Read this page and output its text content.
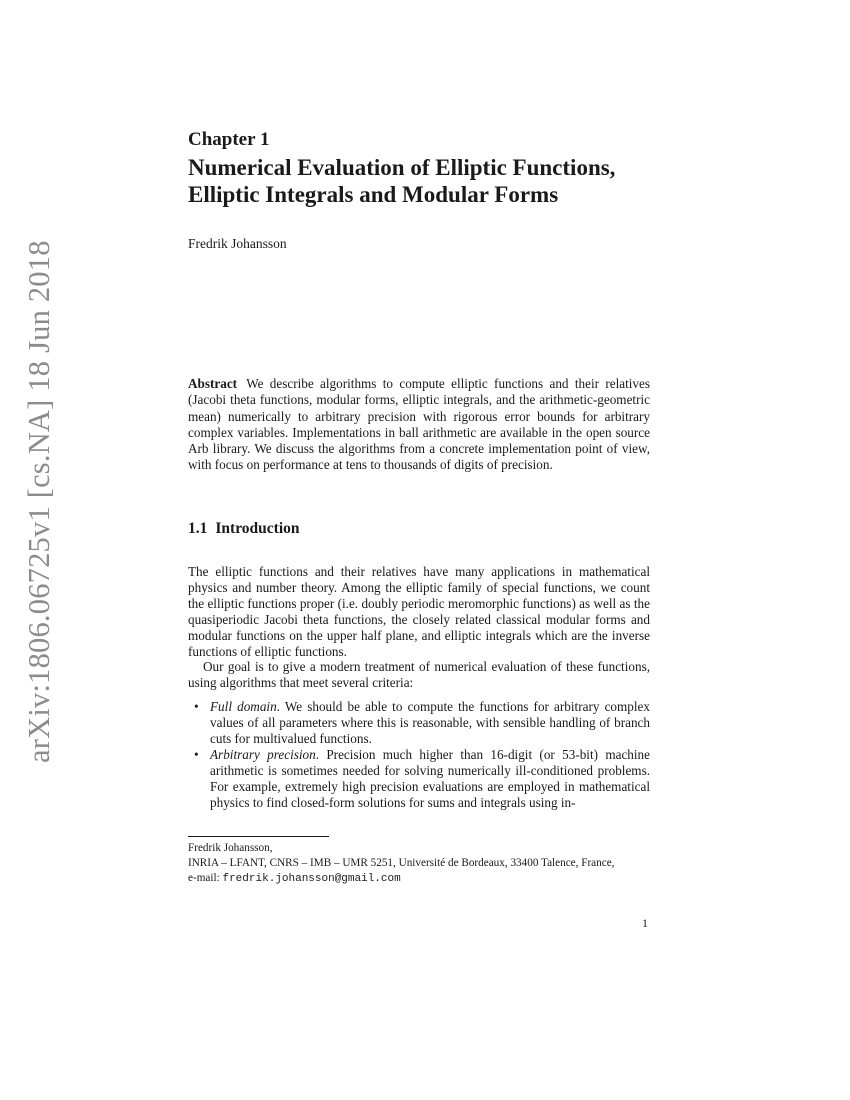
arXiv:1806.06725v1 [cs.NA] 18 Jun 2018
Chapter 1
Numerical Evaluation of Elliptic Functions,
Elliptic Integrals and Modular Forms
Fredrik Johansson
Abstract We describe algorithms to compute elliptic functions and their relatives (Jacobi theta functions, modular forms, elliptic integrals, and the arithmetic-geometric mean) numerically to arbitrary precision with rigorous error bounds for arbitrary complex variables. Implementations in ball arithmetic are available in the open source Arb library. We discuss the algorithms from a concrete implementation point of view, with focus on performance at tens to thousands of digits of precision.
1.1 Introduction

The elliptic functions and their relatives have many applications in mathematical physics and number theory. Among the elliptic family of special functions, we count the elliptic functions proper (i.e. doubly periodic meromorphic functions) as well as the quasiperiodic Jacobi theta functions, the closely related classical modular forms and modular functions on the upper half plane, and elliptic integrals which are the inverse functions of elliptic functions.

Our goal is to give a modern treatment of numerical evaluation of these functions, using algorithms that meet several criteria:

• Full domain. We should be able to compute the functions for arbitrary complex values of all parameters where this is reasonable, with sensible handling of branch cuts for multivalued functions.
• Arbitrary precision. Precision much higher than 16-digit (or 53-bit) machine arithmetic is sometimes needed for solving numerically ill-conditioned problems. For example, extremely high precision evaluations are employed in mathematical physics to find closed-form solutions for sums and integrals using in-
Fredrik Johansson,
INRIA – LFANT, CNRS – IMB – UMR 5251, Université de Bordeaux, 33400 Talence, France,
e-mail: fredrik.johansson@gmail.com
1
